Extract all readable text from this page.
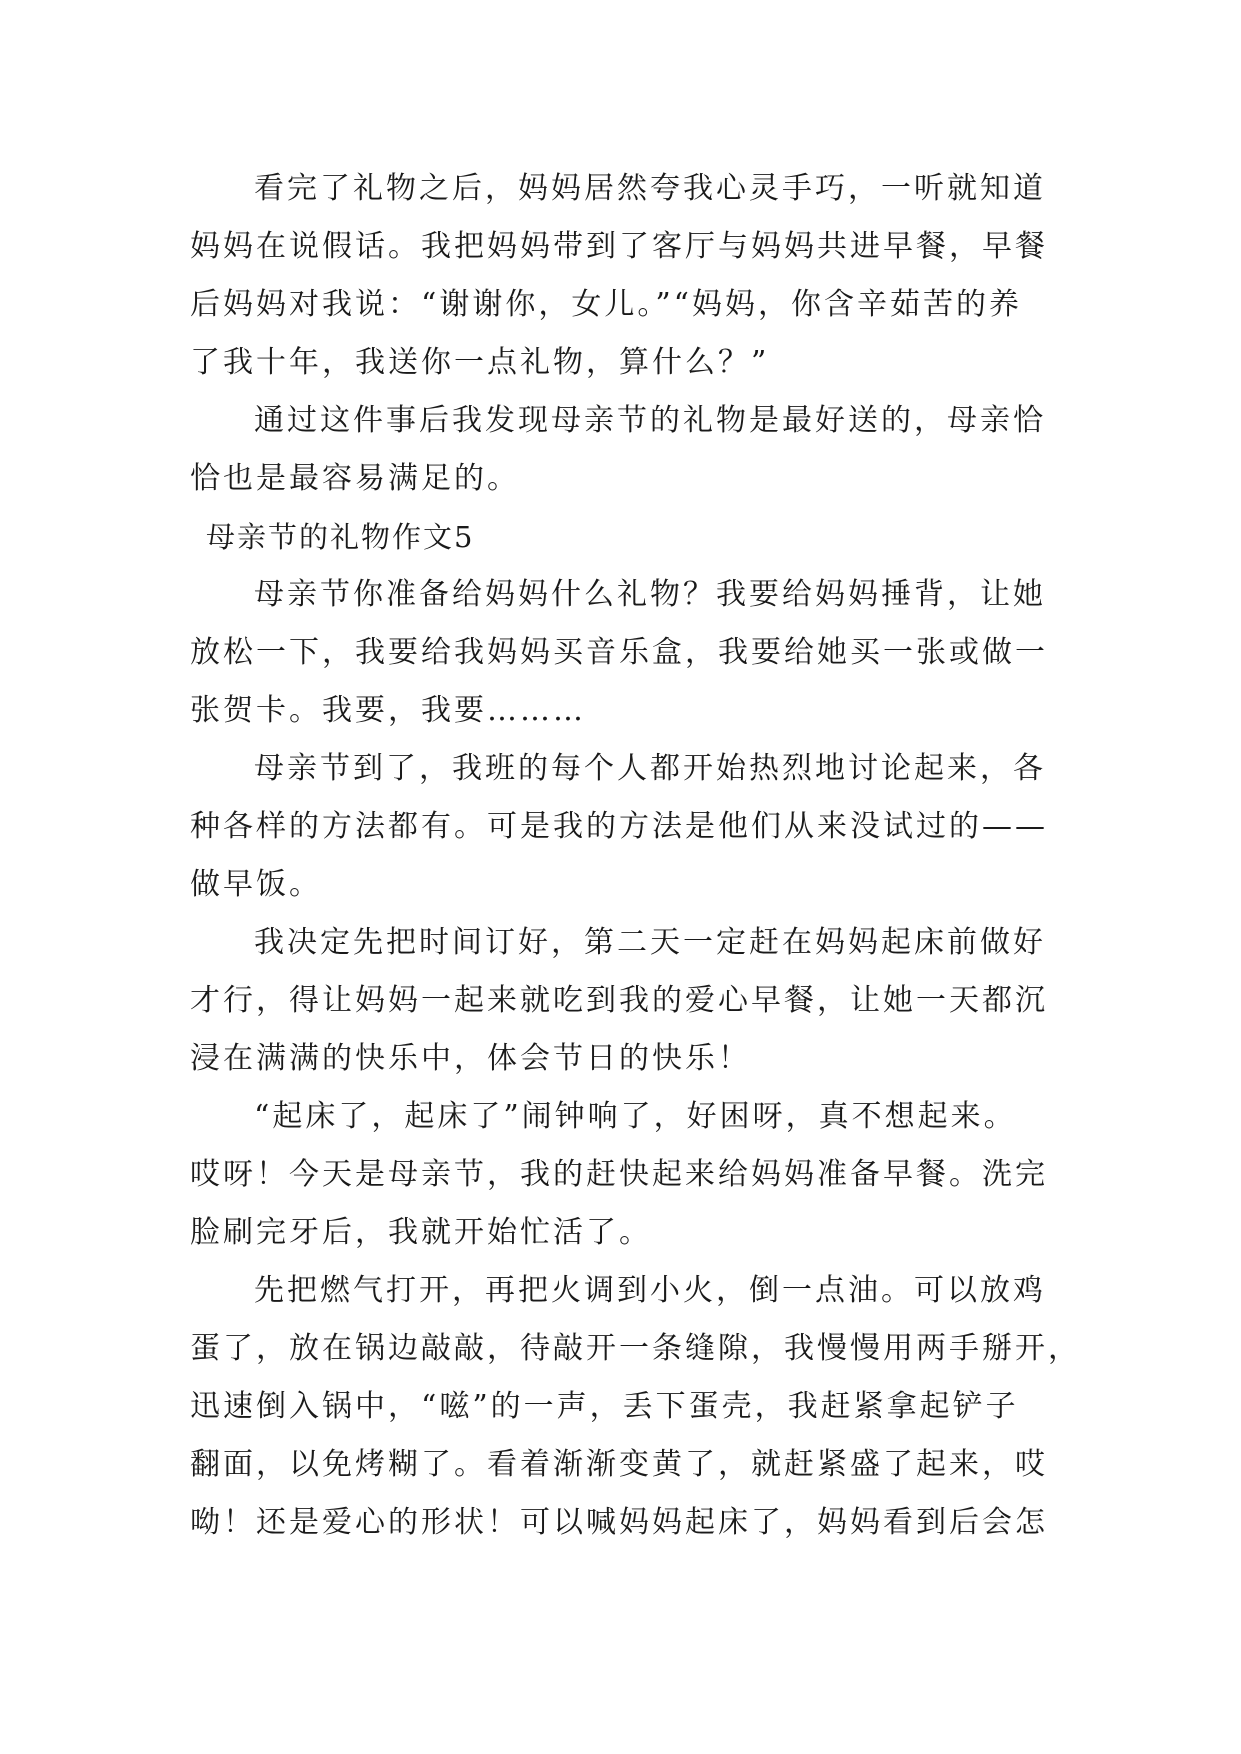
看完了礼物之后，妈妈居然夸我心灵手巧，一听就知道
妈妈在说假话。我把妈妈带到了客厅与妈妈共进早餐，早餐
后妈妈对我说：“谢谢你，女儿。”“妈妈，你含辛茹苦的养
了我十年，我送你一点礼物，算什么？”
通过这件事后我发现母亲节的礼物是最好送的，母亲恰
恰也是最容易满足的。
母亲节的礼物作文5
母亲节你准备给妈妈什么礼物？我要给妈妈捶背，让她
放松一下，我要给我妈妈买音乐盒，我要给她买一张或做一
张贺卡。我要，我要………
母亲节到了，我班的每个人都开始热烈地讨论起来，各
种各样的方法都有。可是我的方法是他们从来没试过的——
做早饭。
我决定先把时间订好，第二天一定赶在妈妈起床前做好
才行，得让妈妈一起来就吃到我的爱心早餐，让她一天都沉
浸在满满的快乐中，体会节日的快乐！
“起床了，起床了”闹钟响了，好困呀，真不想起来。
哎呀！今天是母亲节，我的赶快起来给妈妈准备早餐。洗完
脸刷完牙后，我就开始忙活了。
先把燃气打开，再把火调到小火，倒一点油。可以放鸡
蛋了，放在锅边敲敲，待敲开一条缝隙，我慢慢用两手掰开，
迅速倒入锅中，“嗞”的一声，丢下蛋壳，我赶紧拿起铲子
翻面，以免烤糊了。看着渐渐变黄了，就赶紧盛了起来，哎
呦！还是爱心的形状！可以喊妈妈起床了，妈妈看到后会怎
